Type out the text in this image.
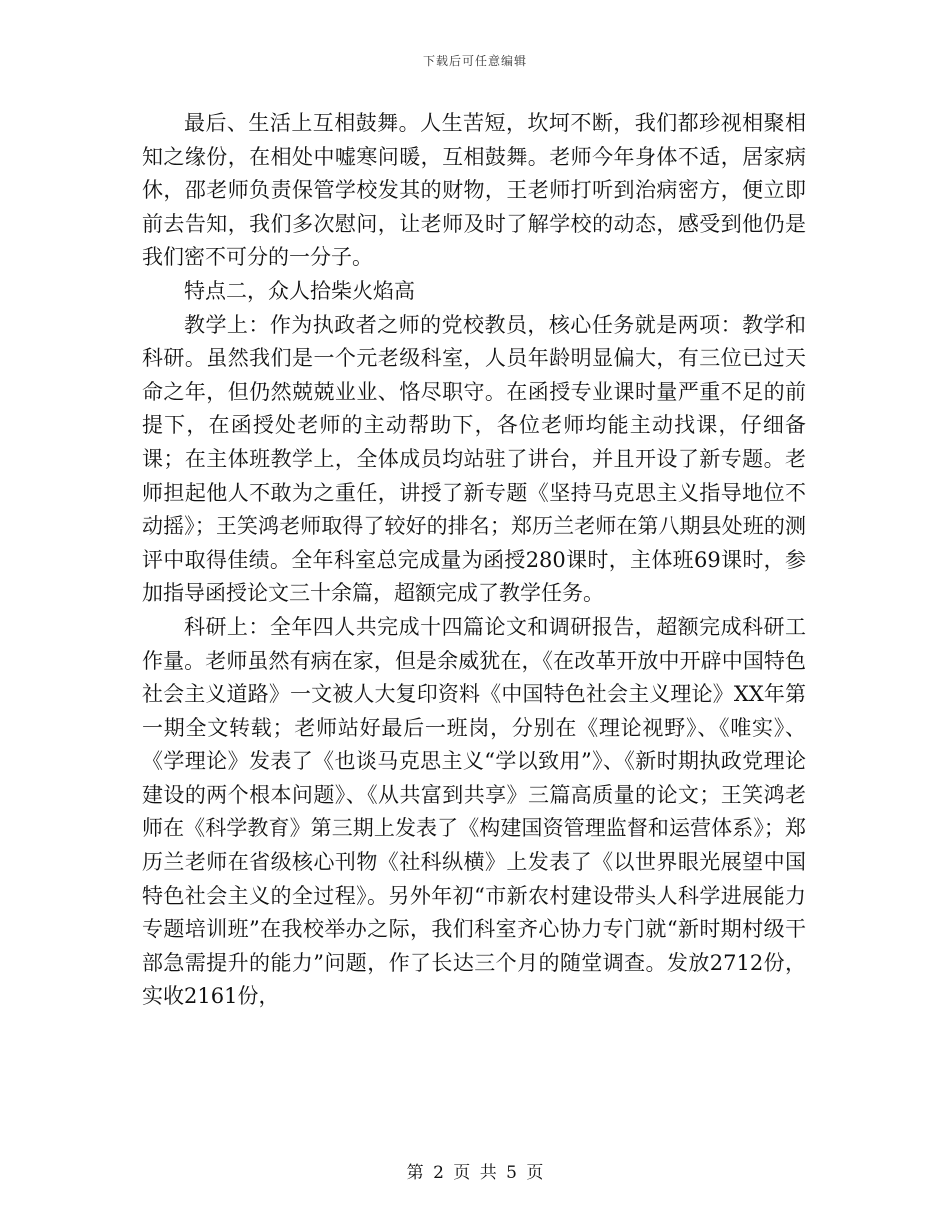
下载后可任意编辑

最后、生活上互相鼓舞。人生苦短，坎坷不断，我们都珍视相聚相知之缘份，在相处中嘘寒问暖，互相鼓舞。老师今年身体不适，居家病休，邵老师负责保管学校发其的财物，王老师打听到治病密方，便立即前去告知，我们多次慰问，让老师及时了解学校的动态，感受到他仍是我们密不可分的一分子。

特点二，众人拾柴火焰高

教学上：作为执政者之师的党校教员，核心任务就是两项：教学和科研。虽然我们是一个元老级科室，人员年龄明显偏大，有三位已过天命之年，但仍然兢兢业业、恪尽职守。在函授专业课时量严重不足的前提下，在函授处老师的主动帮助下，各位老师均能主动找课，仔细备课；在主体班教学上，全体成员均站驻了讲台，并且开设了新专题。老师担起他人不敢为之重任，讲授了新专题《坚持马克思主义指导地位不动摇》；王笑鸿老师取得了较好的排名；郑历兰老师在第八期县处班的测评中取得佳绩。全年科室总完成量为函授280课时，主体班69课时，参加指导函授论文三十余篇，超额完成了教学任务。

科研上：全年四人共完成十四篇论文和调研报告，超额完成科研工作量。老师虽然有病在家，但是余威犹在，《在改革开放中开辟中国特色社会主义道路》一文被人大复印资料《中国特色社会主义理论》XX年第一期全文转载；老师站好最后一班岗，分别在《理论视野》、《唯实》、《学理论》发表了《也谈马克思主义“学以致用”》、《新时期执政党理论建设的两个根本问题》、《从共富到共享》三篇高质量的论文；王笑鸿老师在《科学教育》第三期上发表了《构建国资管理监督和运营体系》；郑历兰老师在省级核心刊物《社科纵横》上发表了《以世界眼光展望中国特色社会主义的全过程》。另外年初“市新农村建设带头人科学进展能力专题培训班”在我校举办之际，我们科室齐心协力专门就“新时期村级干部急需提升的能力”问题，作了长达三个月的随堂调查。发放2712份，实收2161份，

第 2 页 共 5 页
